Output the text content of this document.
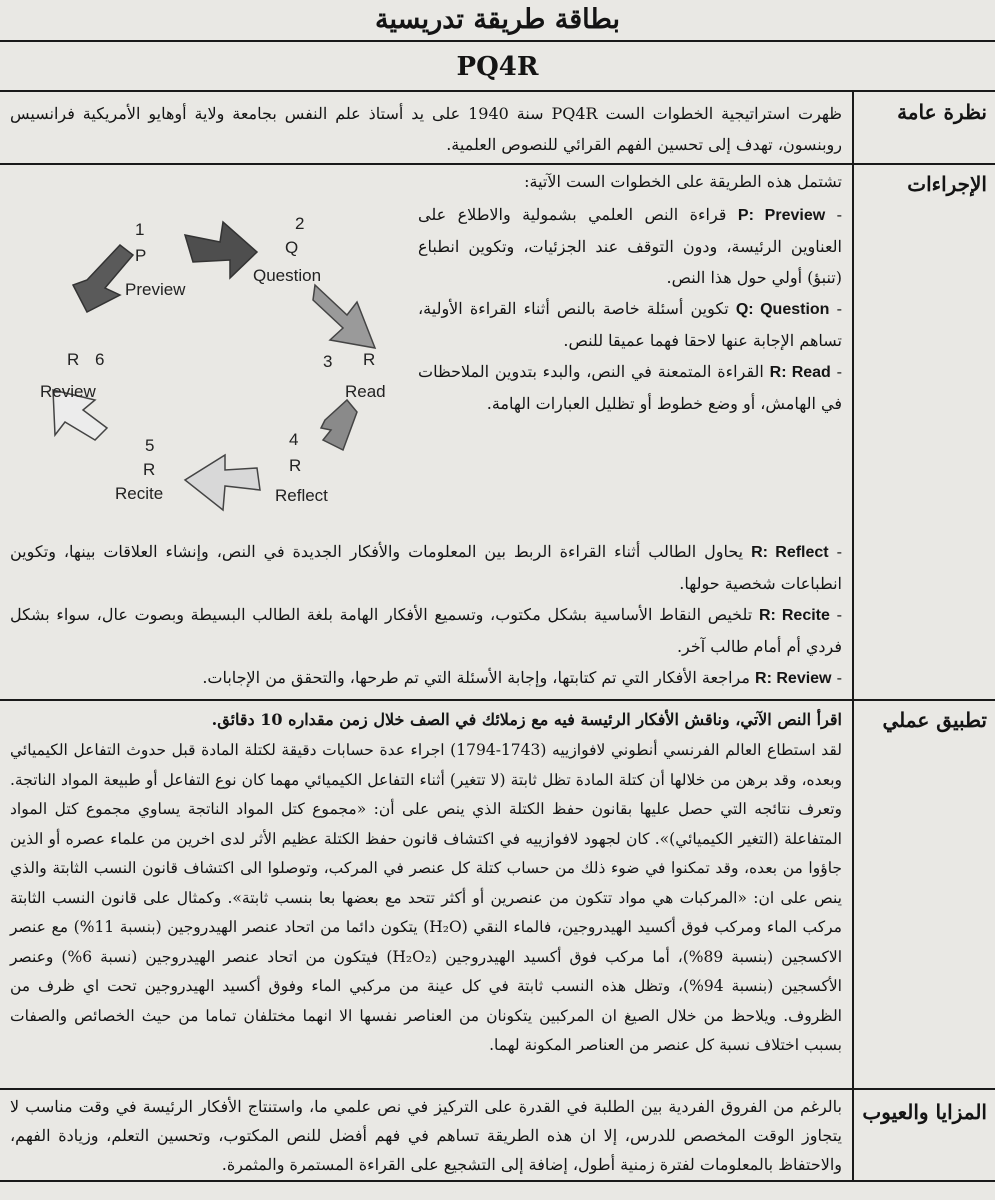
بطاقة طريقة تدريسية
PQ4R
نظرة عامة
ظهرت استراتيجية الخطوات الست PQ4R سنة 1940 على يد أستاذ علم النفس بجامعة ولاية أوهايو الأمريكية فرانسيس روبنسون، تهدف إلى تحسين الفهم القرائي للنصوص العلمية.
الإجراءات
تشتمل هذه الطريقة على الخطوات الست الآتية:
- P: Preview قراءة النص العلمي بشمولية والاطلاع على العناوين الرئيسة، ودون التوقف عند الجزئيات، وتكوين انطباع (تنبؤ) أولي حول هذا النص.
- Q: Question تكوين أسئلة خاصة بالنص أثناء القراءة الأولية، تساهم الإجابة عنها لاحقا فهما عميقا للنص.
- R: Read القراءة المتمعنة في النص، والبدء بتدوين الملاحظات في الهامش، أو وضع خطوط أو تظليل العبارات الهامة.
1
P
Preview
2
Q
Question
3 R
Read
4
R
Reflect
5
R
Recite
6
R
Review
- R: Reflect يحاول الطالب أثناء القراءة الربط بين المعلومات والأفكار الجديدة في النص، وإنشاء العلاقات بينها، وتكوين انطباعات شخصية حولها.
- R: Recite تلخيص النقاط الأساسية بشكل مكتوب، وتسميع الأفكار الهامة بلغة الطالب البسيطة وبصوت عال، سواء بشكل فردي أم أمام طالب آخر.
- R: Review مراجعة الأفكار التي تم كتابتها، وإجابة الأسئلة التي تم طرحها، والتحقق من الإجابات.
تطبيق عملي
اقرأ النص الآتي، وناقش الأفكار الرئيسة فيه مع زملائك في الصف خلال زمن مقداره 10 دقائق.
لقد استطاع العالم الفرنسي أنطوني لافوازييه (1743-1794) اجراء عدة حسابات دقيقة لكتلة المادة قبل حدوث التفاعل الكيميائي وبعده، وقد برهن من خلالها أن كتلة المادة تظل ثابتة (لا تتغير) أثناء التفاعل الكيميائي مهما كان نوع التفاعل أو طبيعة المواد الناتجة. وتعرف نتائجه التي حصل عليها بقانون حفظ الكتلة الذي ينص على أن: «مجموع كتل المواد الناتجة يساوي مجموع كتل المواد المتفاعلة (التغير الكيميائي)». كان لجهود لافوازييه في اكتشاف قانون حفظ الكتلة عظيم الأثر لدى اخرين من علماء عصره أو الذين جاؤوا من بعده، وقد تمكنوا في ضوء ذلك من حساب كتلة كل عنصر في المركب، وتوصلوا الى اكتشاف قانون النسب الثابتة والذي ينص على ان: «المركبات هي مواد تتكون من عنصرين أو أكثر تتحد مع بعضها بعا بنسب ثابتة». وكمثال على قانون النسب الثابتة مركب الماء ومركب فوق أكسيد الهيدروجين، فالماء النقي (H₂O) يتكون دائما من اتحاد عنصر الهيدروجين (بنسبة 11%) مع عنصر الاكسجين (بنسبة 89%)، أما مركب فوق أكسيد الهيدروجين (H₂O₂) فيتكون من اتحاد عنصر الهيدروجين (نسبة 6%) وعنصر الأكسجين (بنسبة 94%)، وتظل هذه النسب ثابتة في كل عينة من مركبي الماء وفوق أكسيد الهيدروجين تحت اي ظرف من الظروف. ويلاحظ من خلال الصيغ ان المركبين يتكونان من العناصر نفسها الا انهما مختلفان تماما من حيث الخصائص والصفات بسبب اختلاف نسبة كل عنصر من العناصر المكونة لهما.
المزايا والعيوب
بالرغم من الفروق الفردية بين الطلبة في القدرة على التركيز في نص علمي ما، واستنتاج الأفكار الرئيسة في وقت مناسب لا يتجاوز الوقت المخصص للدرس، إلا ان هذه الطريقة تساهم في فهم أفضل للنص المكتوب، وتحسين التعلم، وزيادة الفهم، والاحتفاظ بالمعلومات لفترة زمنية أطول، إضافة إلى التشجيع على القراءة المستمرة والمثمرة.
